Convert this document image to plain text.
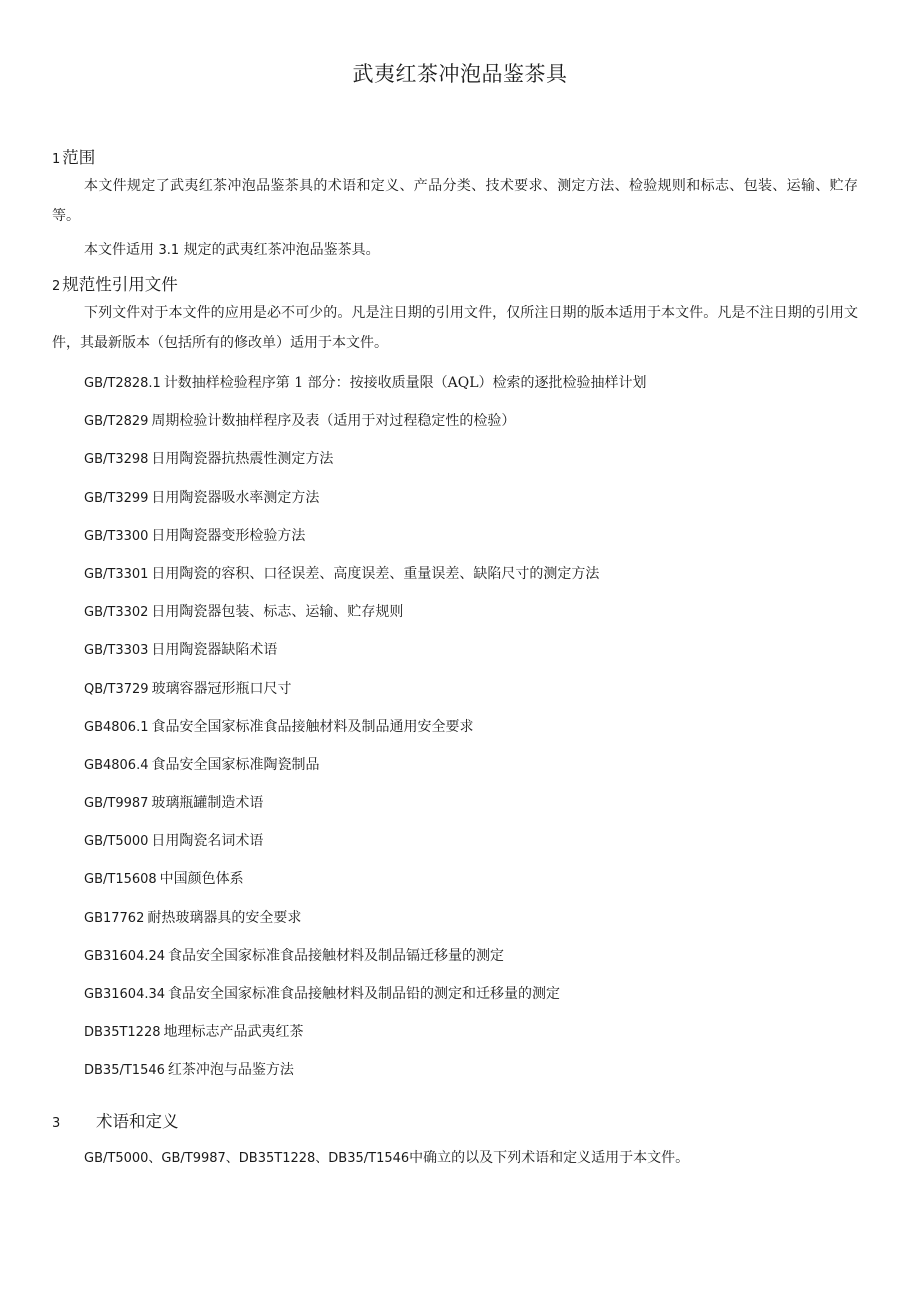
武夷红茶冲泡品鉴茶具
1 范围

本文件规定了武夷红茶冲泡品鉴茶具的术语和定义、产品分类、技术要求、测定方法、检验规则和标志、包装、运输、贮存等。

本文件适用 3.1 规定的武夷红茶冲泡品鉴茶具。

2 规范性引用文件

下列文件对于本文件的应用是必不可少的。凡是注日期的引用文件，仅所注日期的版本适用于本文件。凡是不注日期的引用文件，其最新版本（包括所有的修改单）适用于本文件。

GB/T2828.1 计数抽样检验程序第 1 部分：按接收质量限（AQL）检索的逐批检验抽样计划
GB/T2829 周期检验计数抽样程序及表（适用于对过程稳定性的检验）
GB/T3298 日用陶瓷器抗热震性测定方法
GB/T3299 日用陶瓷器吸水率测定方法
GB/T3300 日用陶瓷器变形检验方法
GB/T3301 日用陶瓷的容积、口径误差、高度误差、重量误差、缺陷尺寸的测定方法
GB/T3302 日用陶瓷器包装、标志、运输、贮存规则
GB/T3303 日用陶瓷器缺陷术语
QB/T3729 玻璃容器冠形瓶口尺寸
GB4806.1 食品安全国家标准食品接触材料及制品通用安全要求
GB4806.4 食品安全国家标准陶瓷制品
GB/T9987 玻璃瓶罐制造术语
GB/T5000 日用陶瓷名词术语
GB/T15608 中国颜色体系
GB17762 耐热玻璃器具的安全要求
GB31604.24 食品安全国家标准食品接触材料及制品镉迁移量的测定
GB31604.34 食品安全国家标准食品接触材料及制品铅的测定和迁移量的测定
DB35T1228 地理标志产品武夷红茶
DB35/T1546 红茶冲泡与品鉴方法
3 术语和定义

GB/T5000、GB/T9987、DB35T1228、DB35/T1546中确立的以及下列术语和定义适用于本文件。
